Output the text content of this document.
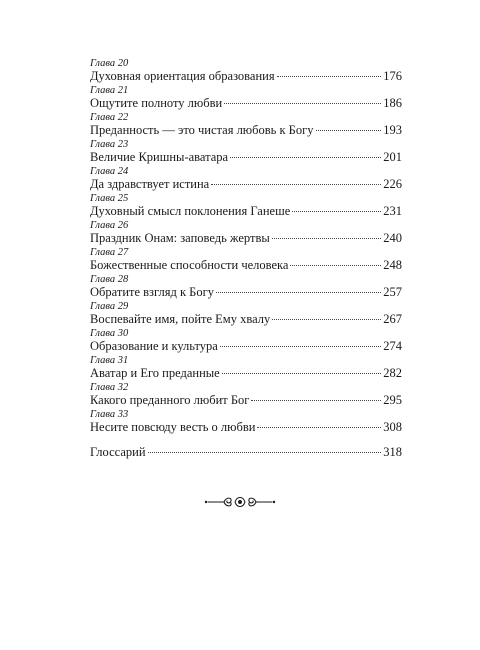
Глава 20
Духовная ориентация образования	176
Глава 21
Ощутите полноту любви	186
Глава 22
Преданность — это чистая любовь к Богу	193
Глава 23
Величие Кришны-аватара	201
Глава 24
Да здравствует истина	226
Глава 25
Духовный смысл поклонения Ганеше	231
Глава 26
Праздник Онам: заповедь жертвы	240
Глава 27
Божественные способности человека	248
Глава 28
Обратите взгляд к Богу	257
Глава 29
Воспевайте имя, пойте Ему хвалу	267
Глава 30
Образование и культура	274
Глава 31
Аватар и Его преданные	282
Глава 32
Какого преданного любит Бог	295
Глава 33
Несите повсюду весть о любви	308
Глоссарий	318
